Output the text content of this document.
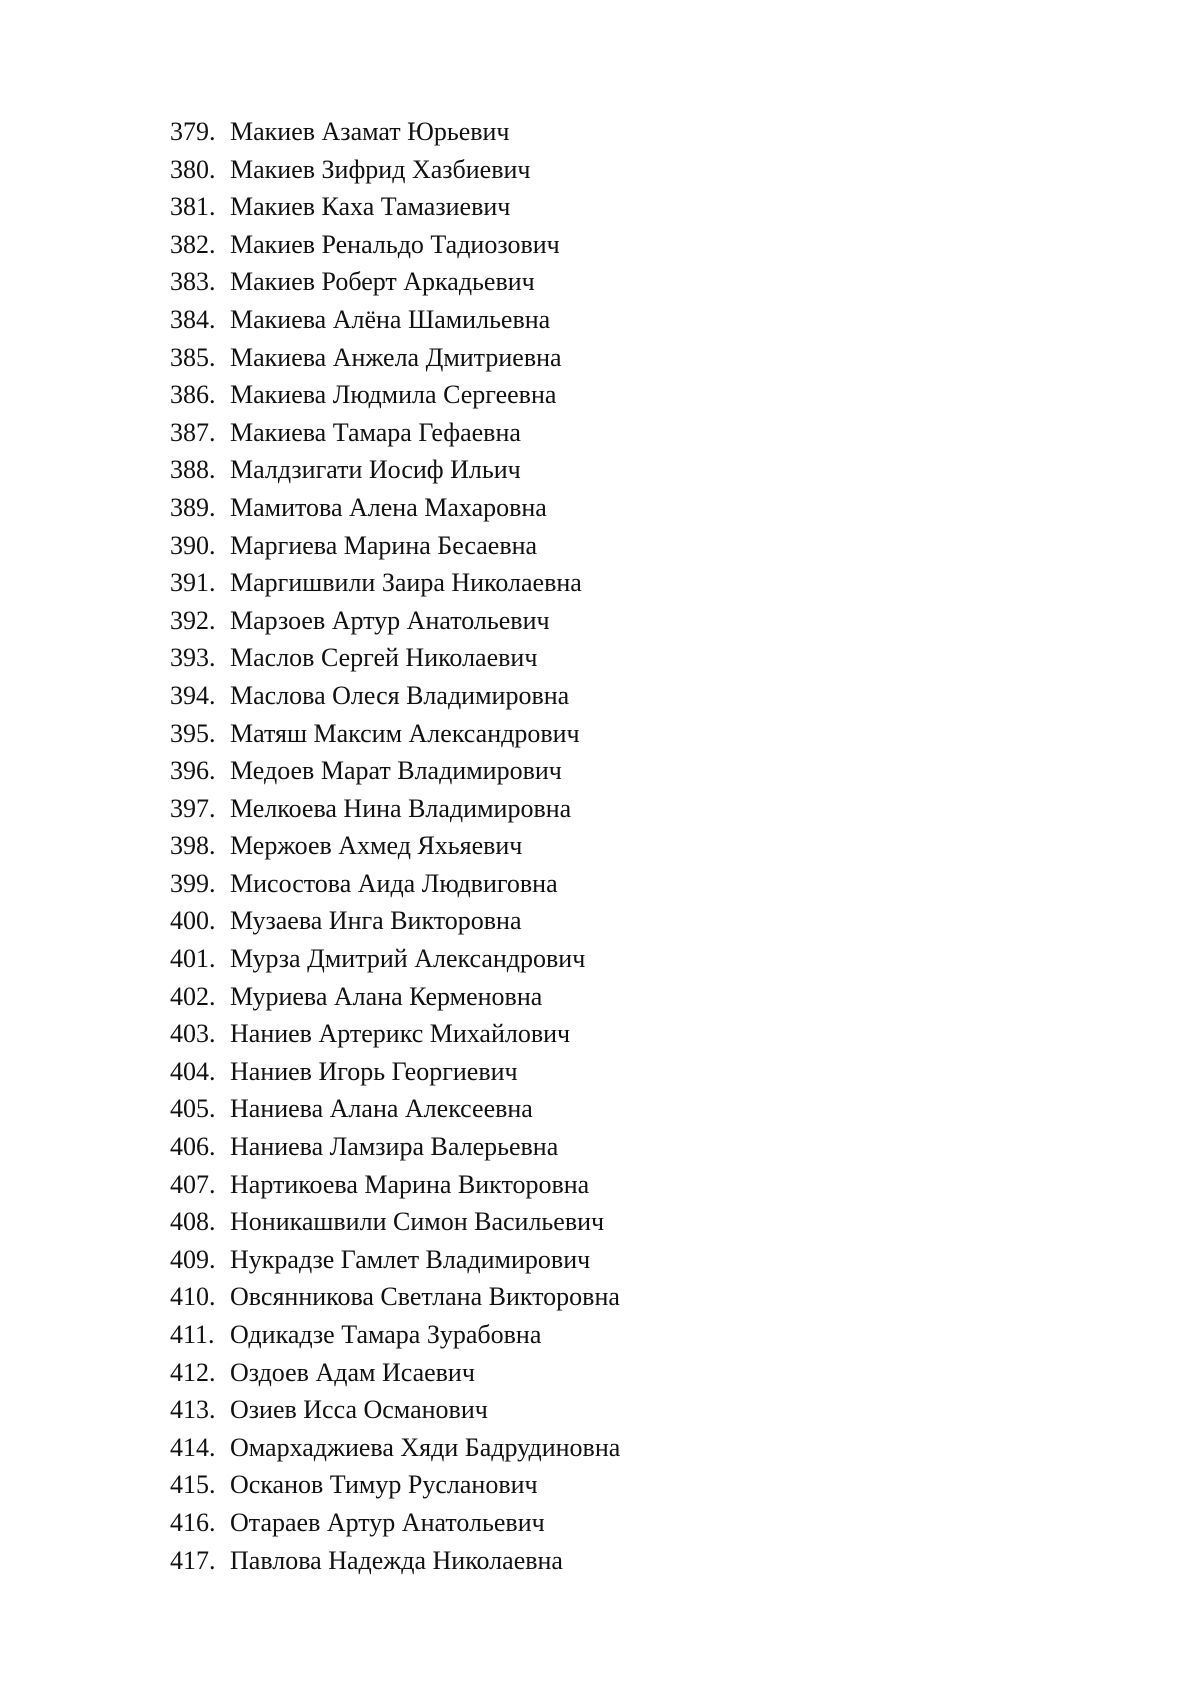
379. Макиев Азамат Юрьевич
380. Макиев Зифрид Хазбиевич
381. Макиев Каха Тамазиевич
382. Макиев Ренальдо Тадиозович
383. Макиев Роберт Аркадьевич
384. Макиева Алёна Шамильевна
385. Макиева Анжела Дмитриевна
386. Макиева Людмила Сергеевна
387. Макиева Тамара Гефаевна
388. Малдзигати Иосиф Ильич
389. Мамитова Алена Махаровна
390. Маргиева Марина Бесаевна
391. Маргишвили Заира Николаевна
392. Марзоев Артур Анатольевич
393. Маслов Сергей Николаевич
394. Маслова Олеся Владимировна
395. Матяш Максим Александрович
396. Медоев Марат Владимирович
397. Мелкоева Нина Владимировна
398. Мержоев Ахмед Яхьяевич
399. Мисостова Аида Людвиговна
400. Музаева Инга Викторовна
401. Мурза Дмитрий Александрович
402. Муриева Алана Керменовна
403. Наниев Артерикс Михайлович
404. Наниев Игорь Георгиевич
405. Наниева Алана Алексеевна
406. Наниева Ламзира Валерьевна
407. Нартикоева Марина Викторовна
408. Ноникашвили Симон Васильевич
409. Нукрадзе Гамлет Владимирович
410. Овсянникова Светлана Викторовна
411. Одикадзе Тамара Зурабовна
412. Оздоев Адам Исаевич
413. Озиев Исса Османович
414. Омархаджиева Хяди Бадрудиновна
415. Осканов Тимур Русланович
416. Отараев Артур Анатольевич
417. Павлова Надежда Николаевна
